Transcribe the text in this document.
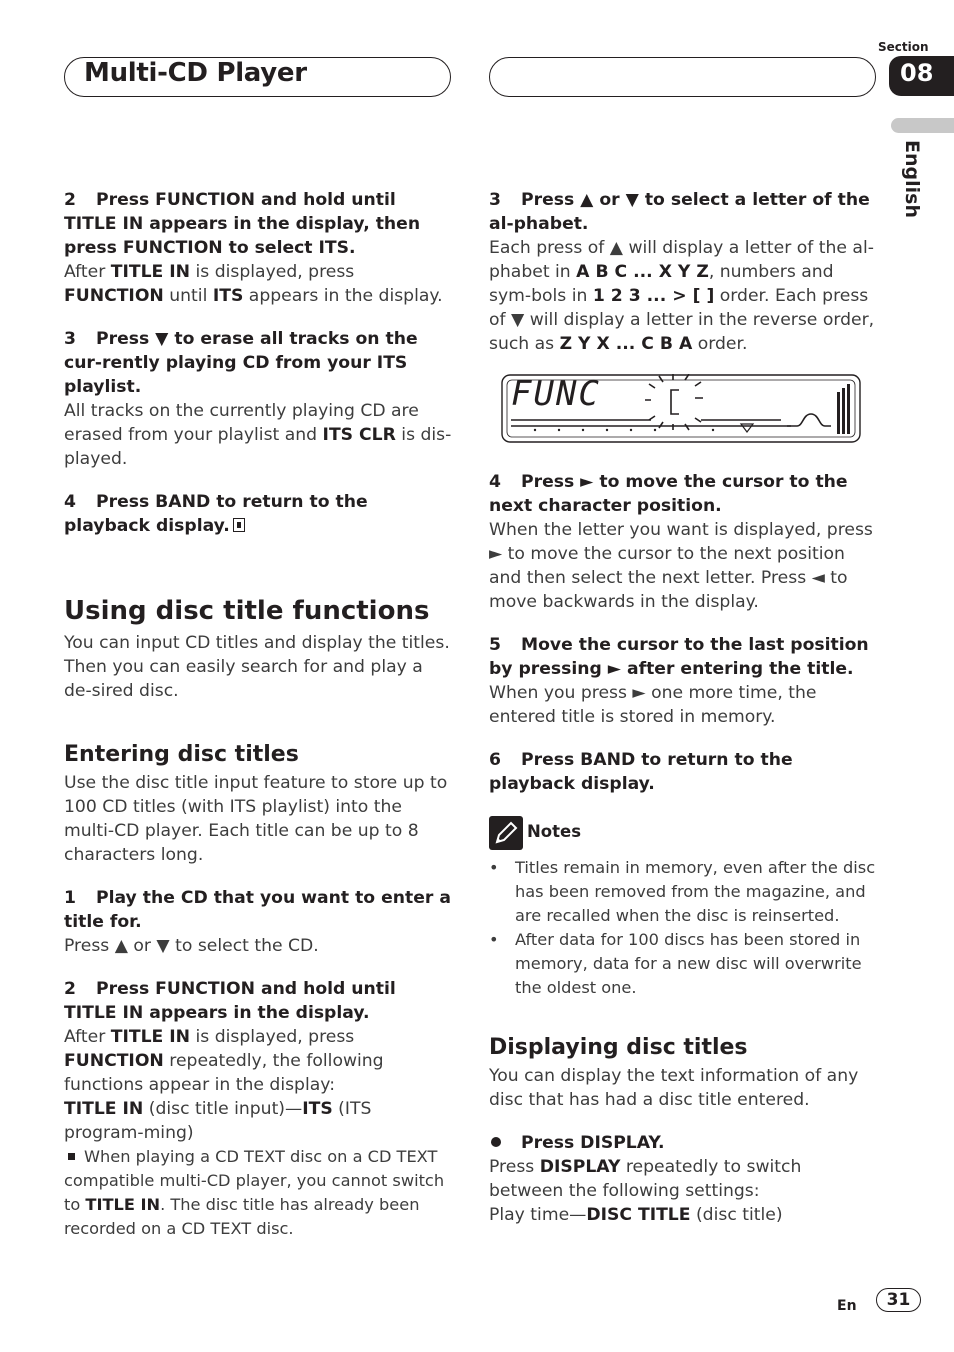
Multi-CD Player
Section
08
English

2 Press FUNCTION and hold until TITLE IN appears in the display, then press FUNCTION to select ITS.

After TITLE IN is displayed, press FUNCTION until ITS appears in the display.

3 Press ▼ to erase all tracks on the cur-rently playing CD from your ITS playlist.

All tracks on the currently playing CD are erased from your playlist and ITS CLR is dis-played.

4 Press BAND to return to the playback display.

Using disc title functions

You can input CD titles and display the titles. Then you can easily search for and play a de-sired disc.

Entering disc titles

Use the disc title input feature to store up to 100 CD titles (with ITS playlist) into the multi-CD player. Each title can be up to 8 characters long.

1 Play the CD that you want to enter a title for.

Press ▲ or ▼ to select the CD.

2 Press FUNCTION and hold until TITLE IN appears in the display.

After TITLE IN is displayed, press FUNCTION repeatedly, the following functions appear in the display:

TITLE IN (disc title input)—ITS (ITS program-ming)

When playing a CD TEXT disc on a CD TEXT compatible multi-CD player, you cannot switch to TITLE IN. The disc title has already been recorded on a CD TEXT disc.

3 Press ▲ or ▼ to select a letter of the al-phabet.

Each press of ▲ will display a letter of the al-phabet in A B C ... X Y Z, numbers and sym-bols in 1 2 3 ... > [ ] order. Each press of ▼ will display a letter in the reverse order, such as Z Y X ... C B A order.

FUNC

4 Press ► to move the cursor to the next character position.

When the letter you want is displayed, press ► to move the cursor to the next position and then select the next letter. Press ◄ to move backwards in the display.

5 Move the cursor to the last position by pressing ► after entering the title.

When you press ► one more time, the entered title is stored in memory.

6 Press BAND to return to the playback display.

Notes

• Titles remain in memory, even after the disc has been removed from the magazine, and are recalled when the disc is reinserted.
• After data for 100 discs has been stored in memory, data for a new disc will overwrite the oldest one.

Displaying disc titles

You can display the text information of any disc that has had a disc title entered.

Press DISPLAY.

Press DISPLAY repeatedly to switch between the following settings:

Play time—DISC TITLE (disc title)

En	31
